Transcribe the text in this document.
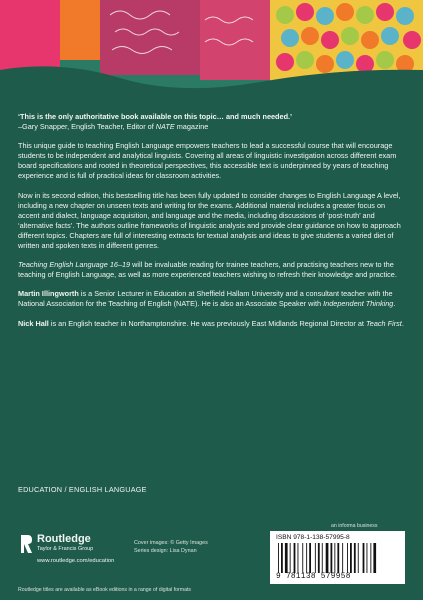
‘This is the only authoritative book available on this topic… and much needed.’
–Gary Snapper, English Teacher, Editor of NATE magazine

This unique guide to teaching English Language empowers teachers to lead a successful course that will encourage students to be independent and analytical linguists. Covering all areas of linguistic investigation across different exam board specifications and rooted in theoretical perspectives, this accessible text is underpinned by years of teaching experience and is full of practical ideas for classroom activities.

Now in its second edition, this bestselling title has been fully updated to consider changes to English Language A level, including a new chapter on unseen texts and writing for the exams. Additional material includes a greater focus on accent and dialect, language acquisition, and language and the media, including discussions of ‘post-truth’ and ‘alternative facts’. The authors outline frameworks of linguistic analysis and provide clear guidance on how to approach different topics. Chapters are full of interesting extracts for textual analysis and ideas to give students a varied diet of written and spoken texts in different genres.

Teaching English Language 16–19 will be invaluable reading for trainee teachers, and practising teachers new to the teaching of English Language, as well as more experienced teachers wishing to refresh their knowledge and practice.

Martin Illingworth is a Senior Lecturer in Education at Sheffield Hallam University and a consultant teacher with the National Association for the Teaching of English (NATE). He is also an Associate Speaker with Independent Thinking.

Nick Hall is an English teacher in Northamptonshire. He was previously East Midlands Regional Director at Teach First.

EDUCATION / ENGLISH LANGUAGE
Routledge
Taylor & Francis Group
www.routledge.com/education
Cover images: © Getty Images
Series design: Lisa Dynan
an informa business
ISBN 978-1-138-57995-8
9 781138 579958
Routledge titles are available as eBook editions in a range of digital formats
